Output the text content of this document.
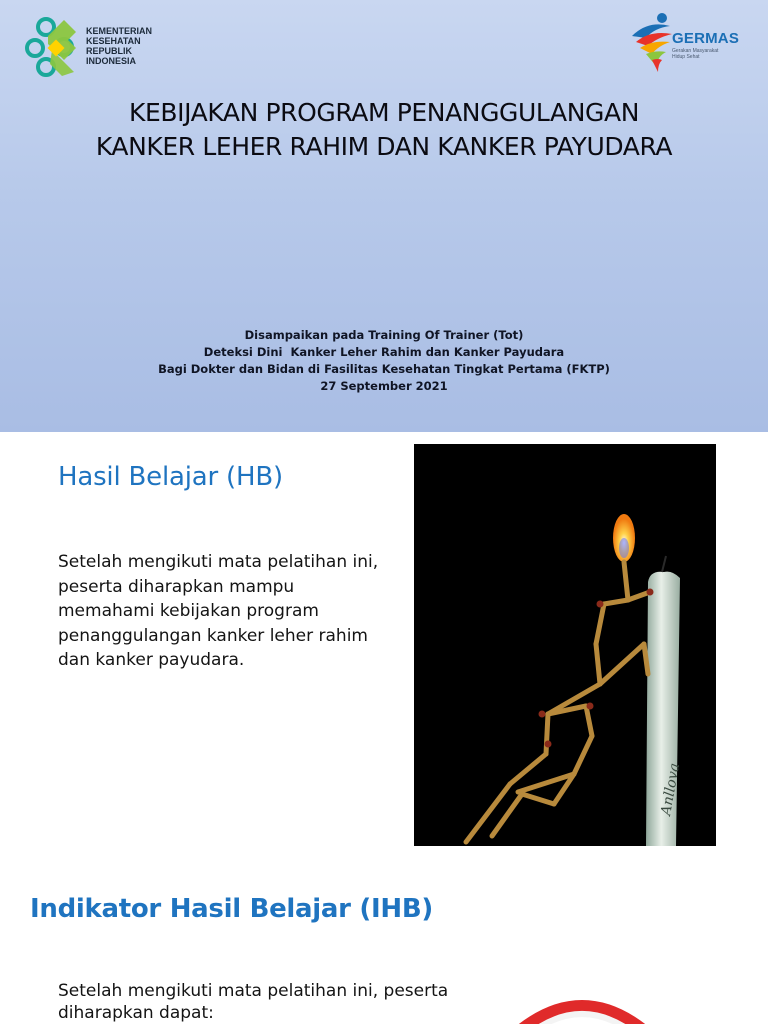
KEMENTERIAN
KESEHATAN
REPUBLIK
INDONESIA
GERMAS
Gerakan Masyarakat
Hidup Sehat
KEBIJAKAN PROGRAM PENANGGULANGAN
KANKER LEHER RAHIM DAN KANKER PAYUDARA
Disampaikan pada Training Of Trainer (Tot)
Deteksi Dini  Kanker Leher Rahim dan Kanker Payudara
Bagi Dokter dan Bidan di Fasilitas Kesehatan Tingkat Pertama (FKTP)
27 September 2021
Hasil Belajar (HB)

Setelah mengikuti mata pelatihan ini, peserta diharapkan mampu memahami kebijakan program penanggulangan kanker leher rahim dan kanker payudara.

Anllova
Indikator Hasil Belajar (IHB)

Setelah mengikuti mata pelatihan ini, peserta diharapkan dapat:
